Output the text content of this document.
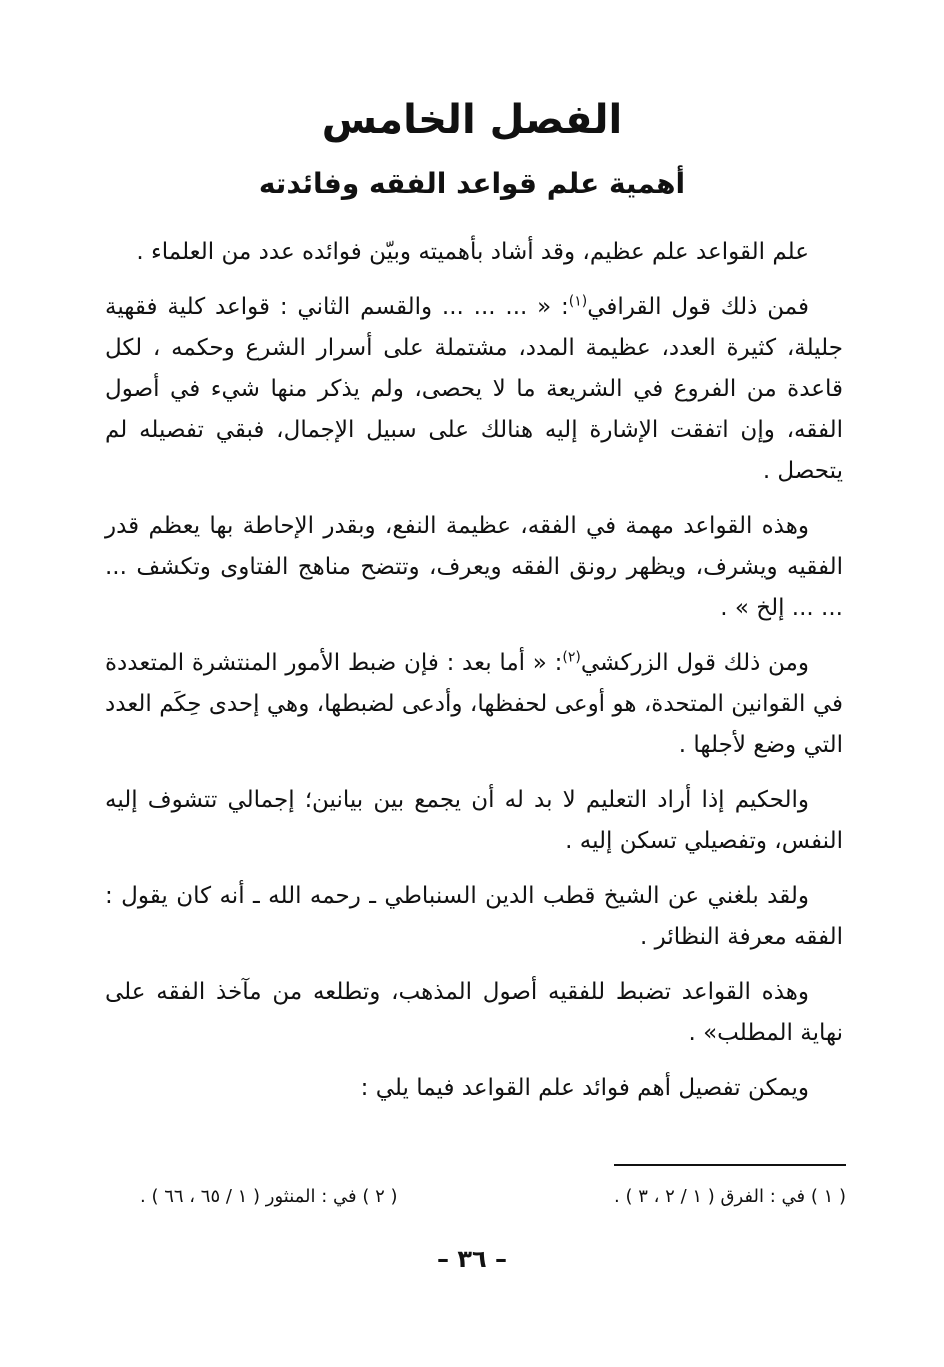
الفصل الخامس
أهمية علم قواعد الفقه وفائدته

علم القواعد علم عظيم، وقد أشاد بأهميته وبيّن فوائده عدد من العلماء .

فمن ذلك قول القرافي$^{(١)}$: « ... ... ... والقسم الثاني : قواعد كلية فقهية جليلة، كثيرة العدد، عظيمة المدد، مشتملة على أسرار الشرع وحكمه ، لكل قاعدة من الفروع في الشريعة ما لا يحصى، ولم يذكر منها شيء في أصول الفقه، وإن اتفقت الإشارة إليه هنالك على سبيل الإجمال، فبقي تفصيله لم يتحصل .

وهذه القواعد مهمة في الفقه، عظيمة النفع، وبقدر الإحاطة بها يعظم قدر الفقيه ويشرف، ويظهر رونق الفقه ويعرف، وتتضح مناهج الفتاوى وتكشف ... ... ... إلخ » .

ومن ذلك قول الزركشي$^{(٢)}$: « أما بعد : فإن ضبط الأمور المنتشرة المتعددة في القوانين المتحدة، هو أوعى لحفظها، وأدعى لضبطها، وهي إحدى حِكَم العدد التي وضع لأجلها .

والحكيم إذا أراد التعليم لا بد له أن يجمع بين بيانين؛ إجمالي تتشوف إليه النفس، وتفصيلي تسكن إليه .

ولقد بلغني عن الشيخ قطب الدين السنباطي ـ رحمه الله ـ أنه كان يقول : الفقه معرفة النظائر .

وهذه القواعد تضبط للفقيه أصول المذهب، وتطلعه من مآخذ الفقه على نهاية المطلب» .

ويمكن تفصيل أهم فوائد علم القواعد فيما يلي :

( ١ ) في : الفرق ( ١ / ٢ ، ٣ ) .
( ٢ ) في : المنثور ( ١ / ٦٥ ، ٦٦ ) .
– ٣٦ –
